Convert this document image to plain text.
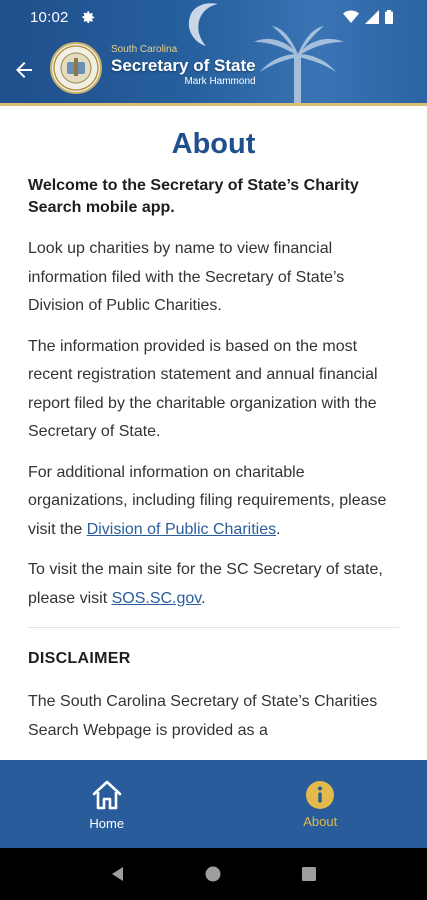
10:02
South Carolina
Secretary of State
Mark Hammond
About

Welcome to the Secretary of State’s Charity Search mobile app.

Look up charities by name to view financial information filed with the Secretary of State’s Division of Public Charities.

The information provided is based on the most recent registration statement and annual financial report filed by the charitable organization with the Secretary of State.

For additional information on charitable organizations, including filing requirements, please visit the Division of Public Charities.

To visit the main site for the SC Secretary of state, please visit SOS.SC.gov.

DISCLAIMER

The South Carolina Secretary of State’s Charities Search Webpage is provided as a

Home	About
